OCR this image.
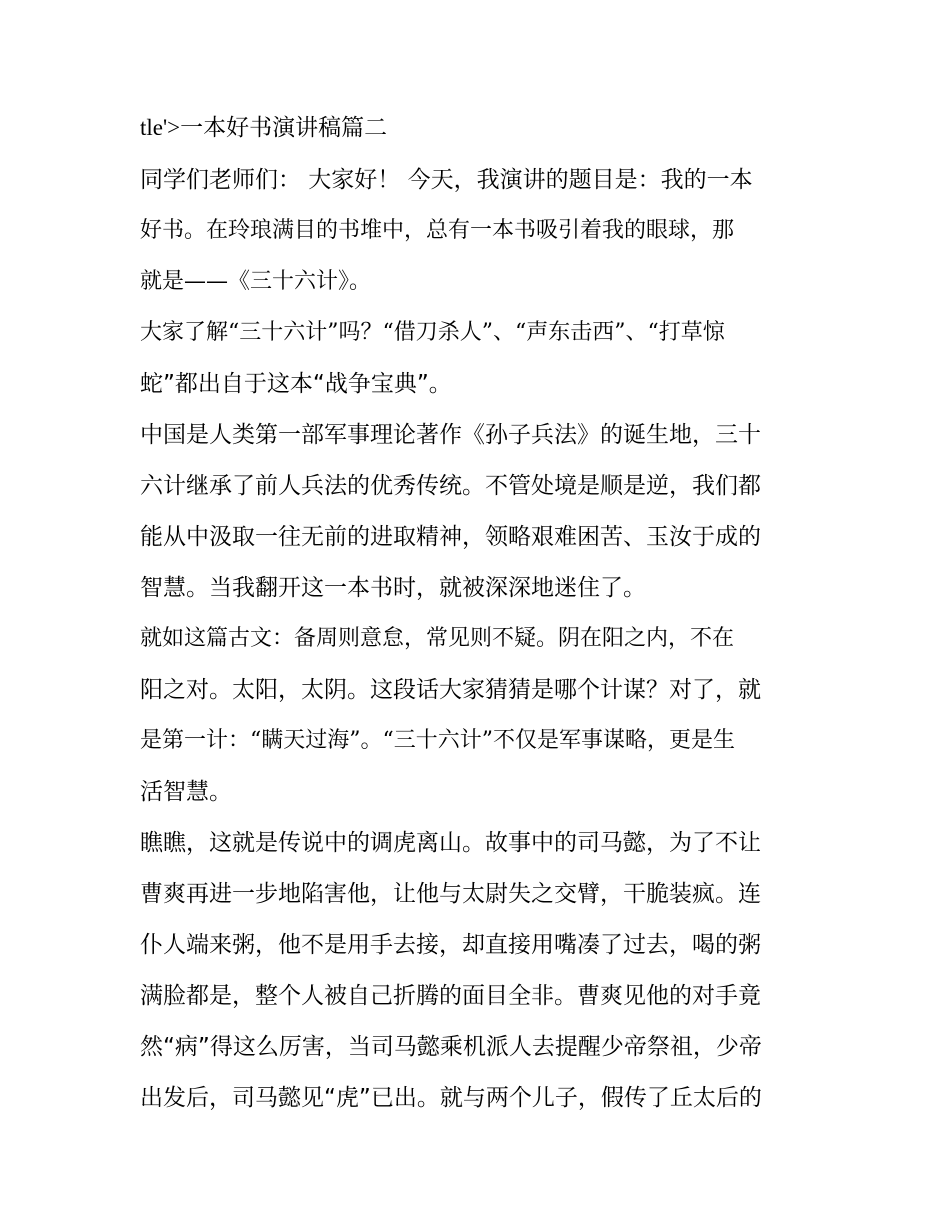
tle'>一本好书演讲稿篇二
同学们老师们： 大家好！ 今天，我演讲的题目是：我的一本
好书。在玲琅满目的书堆中，总有一本书吸引着我的眼球，那
就是——《三十六计》。
大家了解“三十六计”吗？“借刀杀人”、“声东击西”、“打草惊
蛇”都出自于这本“战争宝典”。
中国是人类第一部军事理论著作《孙子兵法》的诞生地，三十
六计继承了前人兵法的优秀传统。不管处境是顺是逆，我们都
能从中汲取一往无前的进取精神，领略艰难困苦、玉汝于成的
智慧。当我翻开这一本书时，就被深深地迷住了。
就如这篇古文：备周则意怠，常见则不疑。阴在阳之内，不在
阳之对。太阳，太阴。这段话大家猜猜是哪个计谋？对了，就
是第一计：“瞒天过海”。“三十六计”不仅是军事谋略，更是生
活智慧。
瞧瞧，这就是传说中的调虎离山。故事中的司马懿，为了不让
曹爽再进一步地陷害他，让他与太尉失之交臂，干脆装疯。连
仆人端来粥，他不是用手去接，却直接用嘴凑了过去，喝的粥
满脸都是，整个人被自己折腾的面目全非。曹爽见他的对手竟
然“病”得这么厉害，当司马懿乘机派人去提醒少帝祭祖，少帝
出发后，司马懿见“虎”已出。就与两个儿子，假传了丘太后的
